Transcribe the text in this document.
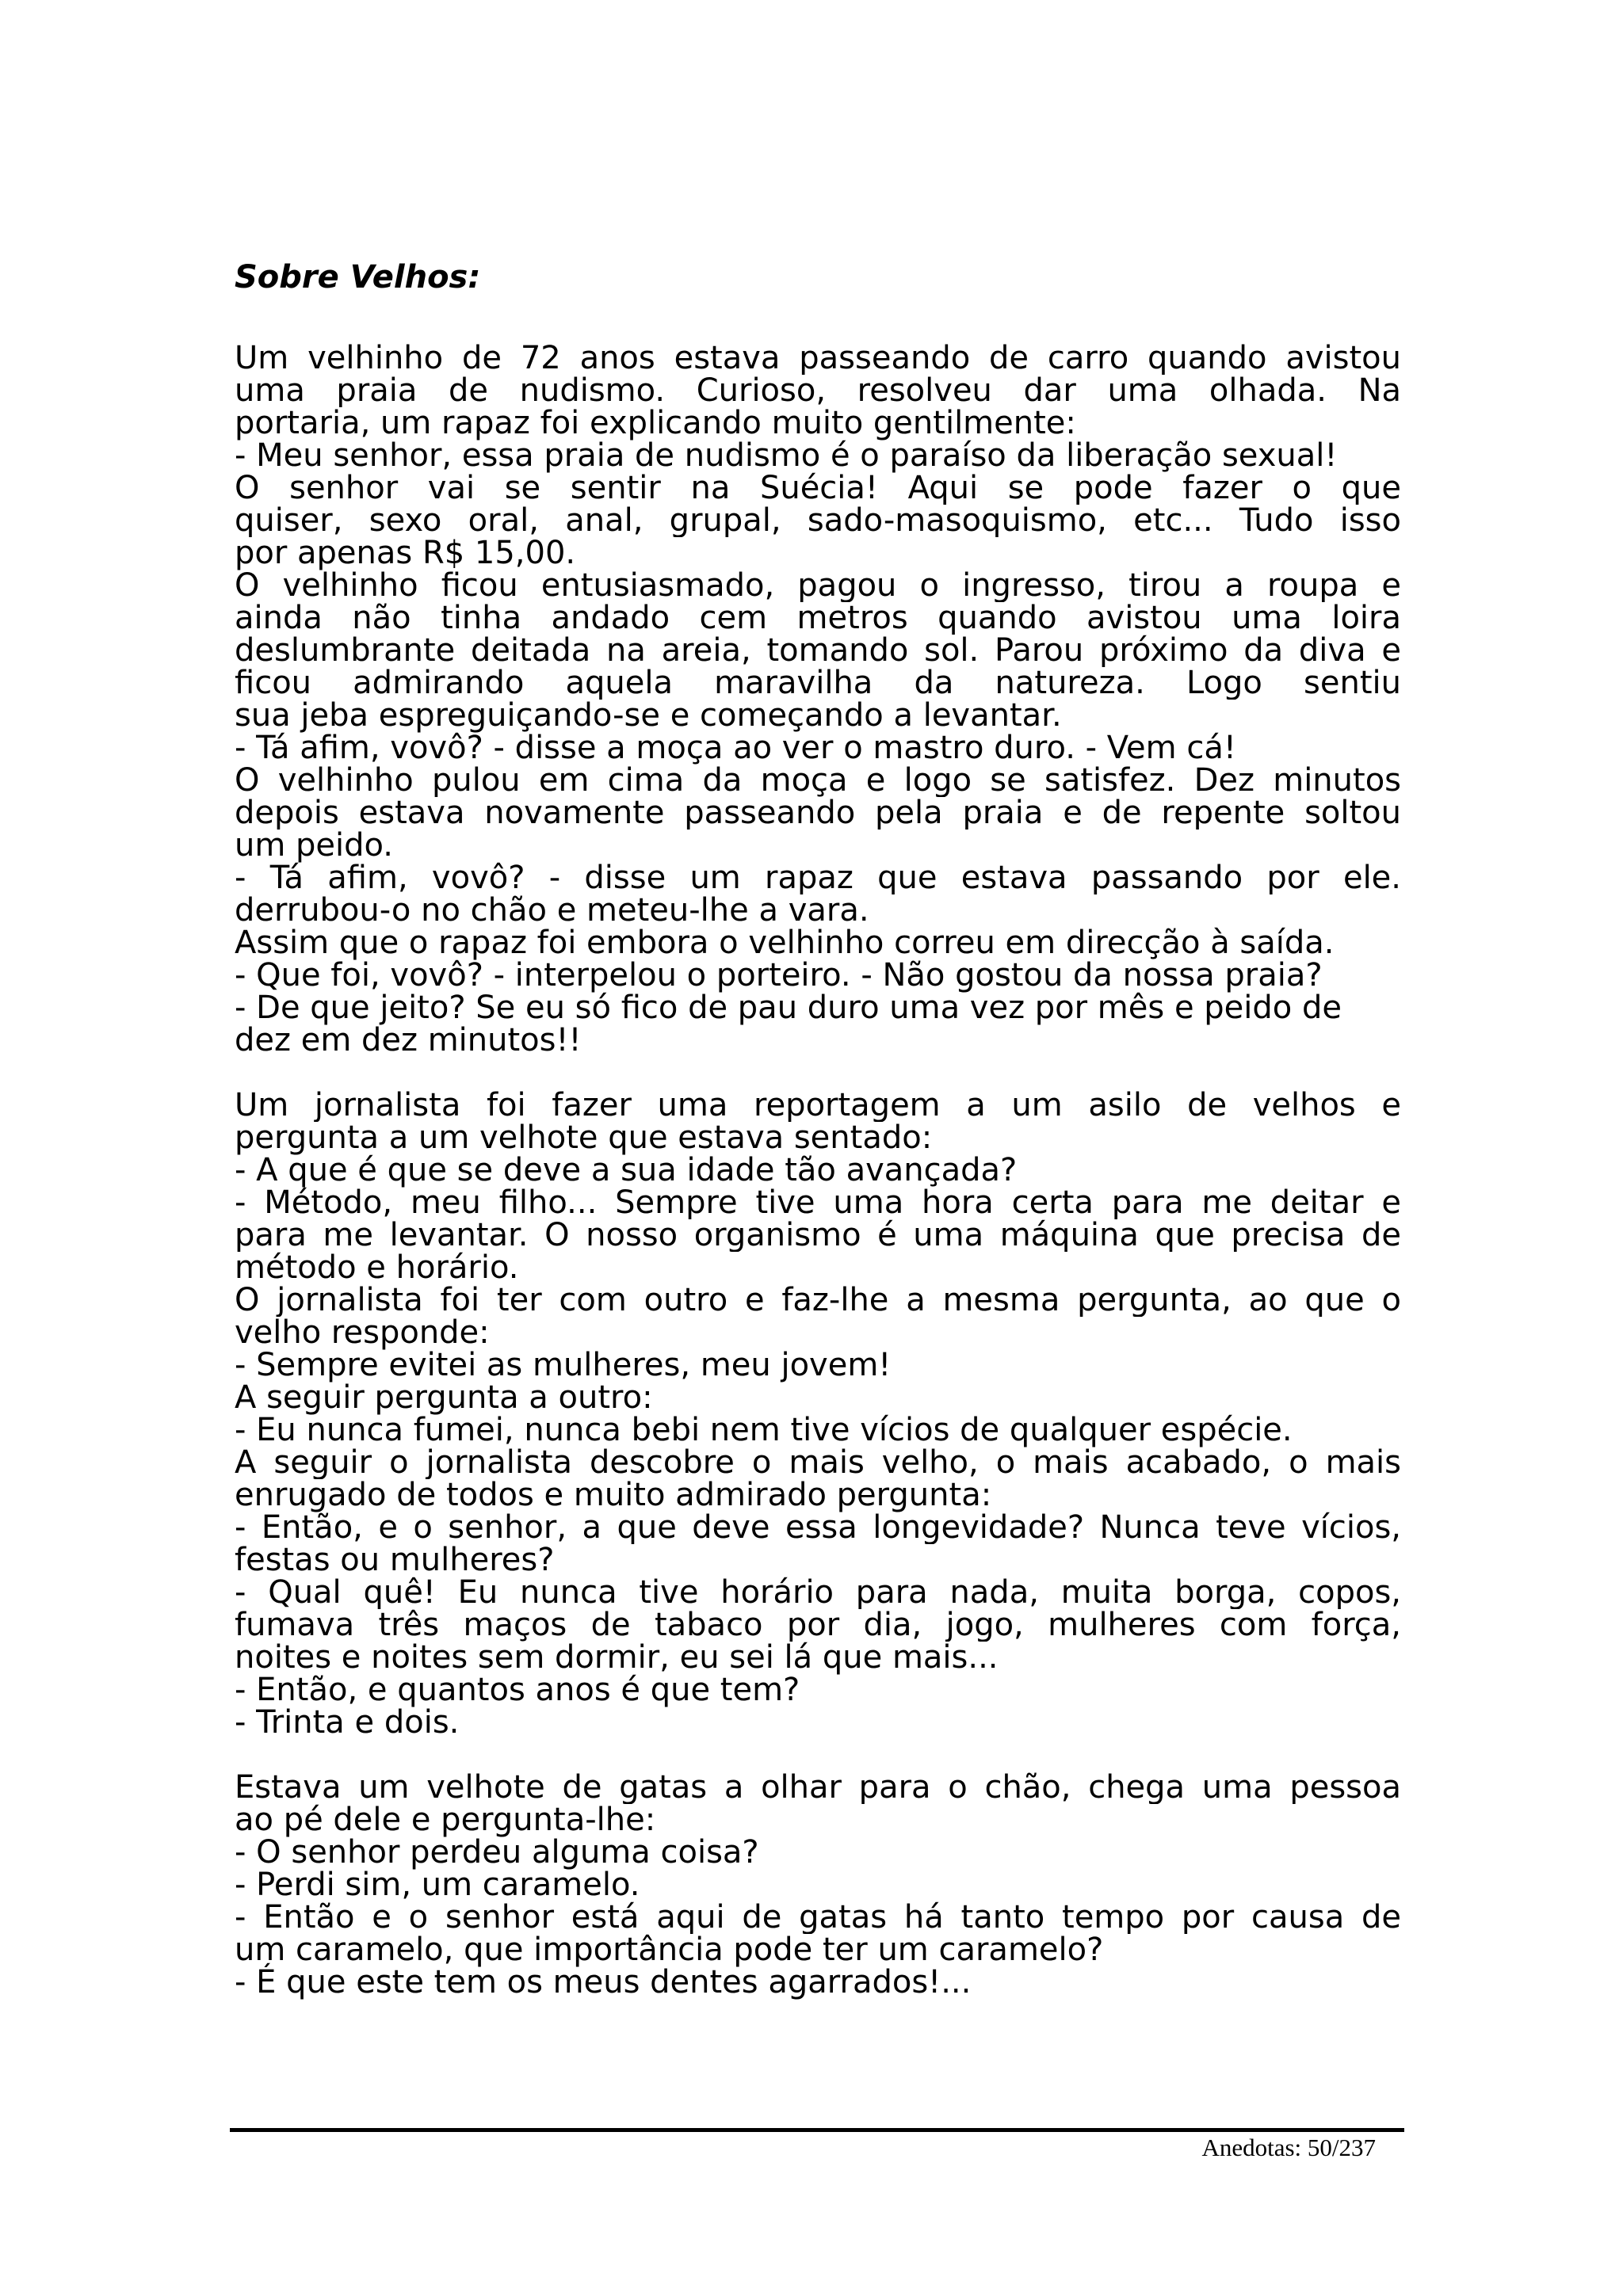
Sobre Velhos:
Um velhinho de 72 anos estava passeando de carro quando avistou
uma praia de nudismo. Curioso, resolveu dar uma olhada. Na
portaria, um rapaz foi explicando muito gentilmente:
- Meu senhor, essa praia de nudismo é o paraíso da liberação sexual!
O senhor vai se sentir na Suécia! Aqui se pode fazer o que
quiser, sexo oral, anal, grupal, sado-masoquismo, etc... Tudo isso
por apenas R$ 15,00.
O velhinho ficou entusiasmado, pagou o ingresso, tirou a roupa e
ainda não tinha andado cem metros quando avistou uma loira
deslumbrante deitada na areia, tomando sol. Parou próximo da diva e
ficou admirando aquela maravilha da natureza. Logo sentiu
sua jeba espreguiçando-se e começando a levantar.
- Tá afim, vovô? - disse a moça ao ver o mastro duro. - Vem cá!
O velhinho pulou em cima da moça e logo se satisfez. Dez minutos
depois estava novamente passeando pela praia e de repente soltou
um peido.
- Tá afim, vovô? - disse um rapaz que estava passando por ele.
derrubou-o no chão e meteu-lhe a vara.
Assim que o rapaz foi embora o velhinho correu em direcção à saída.
- Que foi, vovô? - interpelou o porteiro. - Não gostou da nossa praia?
- De que jeito? Se eu só fico de pau duro uma vez por mês e peido de
dez em dez minutos!!
Um jornalista foi fazer uma reportagem a um asilo de velhos e
pergunta a um velhote que estava sentado:
- A que é que se deve a sua idade tão avançada?
- Método, meu filho... Sempre tive uma hora certa para me deitar e
para me levantar. O nosso organismo é uma máquina que precisa de
método e horário.
O jornalista foi ter com outro e faz-lhe a mesma pergunta, ao que o
velho responde:
- Sempre evitei as mulheres, meu jovem!
A seguir pergunta a outro:
- Eu nunca fumei, nunca bebi nem tive vícios de qualquer espécie.
A seguir o jornalista descobre o mais velho, o mais acabado, o mais
enrugado de todos e muito admirado pergunta:
- Então, e o senhor, a que deve essa longevidade? Nunca teve vícios,
festas ou mulheres?
- Qual quê! Eu nunca tive horário para nada, muita borga, copos,
fumava três maços de tabaco por dia, jogo, mulheres com força,
noites e noites sem dormir, eu sei lá que mais...
- Então, e quantos anos é que tem?
- Trinta e dois.
Estava um velhote de gatas a olhar para o chão, chega uma pessoa
ao pé dele e pergunta-lhe:
- O senhor perdeu alguma coisa?
- Perdi sim, um caramelo.
- Então e o senhor está aqui de gatas há tanto tempo por causa de
um caramelo, que importância pode ter um caramelo?
- É que este tem os meus dentes agarrados!...
Anedotas: 50/237
